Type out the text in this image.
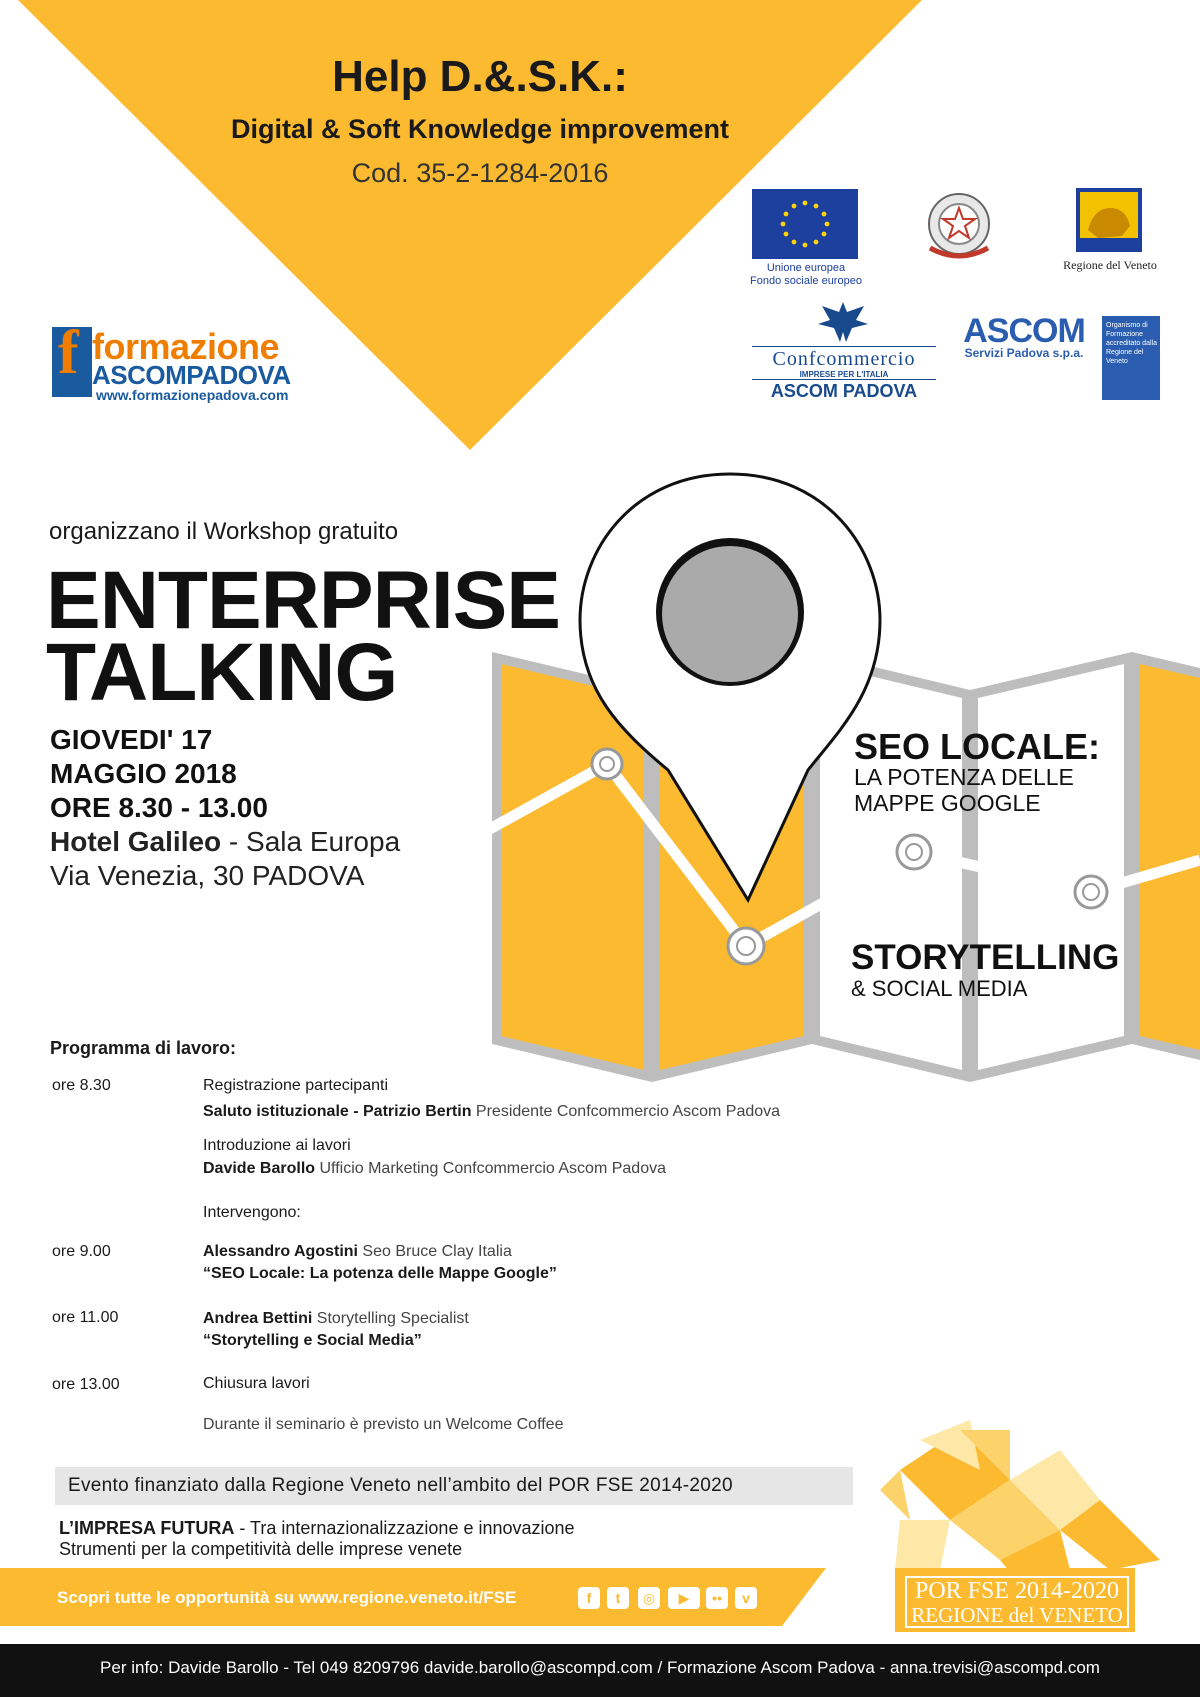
Help D.&.S.K.:
Digital & Soft Knowledge improvement
Cod. 35-2-1284-2016
Unione europea
Fondo sociale europeo
Regione del Veneto
f formazione
ASCOMPADOVA
www.formazionepadova.com
Confcommercio
IMPRESE PER L'ITALIA
ASCOM PADOVA
ASCOM
Servizi Padova s.p.a.
Organismo di Formazione accreditato dalla Regione del Veneto
organizzano il Workshop gratuito
ENTERPRISE
TALKING
GIOVEDI' 17
MAGGIO 2018
ORE 8.30 - 13.00
Hotel Galileo - Sala Europa
Via Venezia, 30 PADOVA
SEO LOCALE:
LA POTENZA DELLE
MAPPE GOOGLE
STORYTELLING
& SOCIAL MEDIA
Programma di lavoro:
ore 8.30	Registrazione partecipanti
Saluto istituzionale - Patrizio Bertin Presidente Confcommercio Ascom Padova
Introduzione ai lavori
Davide Barollo Ufficio Marketing Confcommercio Ascom Padova
Intervengono:
ore 9.00	Alessandro Agostini Seo Bruce Clay Italia
“SEO Locale: La potenza delle Mappe Google”
ore 11.00	Andrea Bettini Storytelling Specialist
“Storytelling e Social Media”
ore 13.00	Chiusura lavori
Durante il seminario è previsto un Welcome Coffee
Evento finanziato dalla Regione Veneto nell’ambito del POR FSE 2014-2020
L’IMPRESA FUTURA - Tra internazionalizzazione e innovazione
Strumenti per la competitività delle imprese venete
Scopri tutte le opportunità su www.regione.veneto.it/FSE	f	t	◎	▶	••	v	POR FSE 2014-2020
REGIONE del VENETO
Per info: Davide Barollo - Tel 049 8209796 davide.barollo@ascompd.com / Formazione Ascom Padova - anna.trevisi@ascompd.com
